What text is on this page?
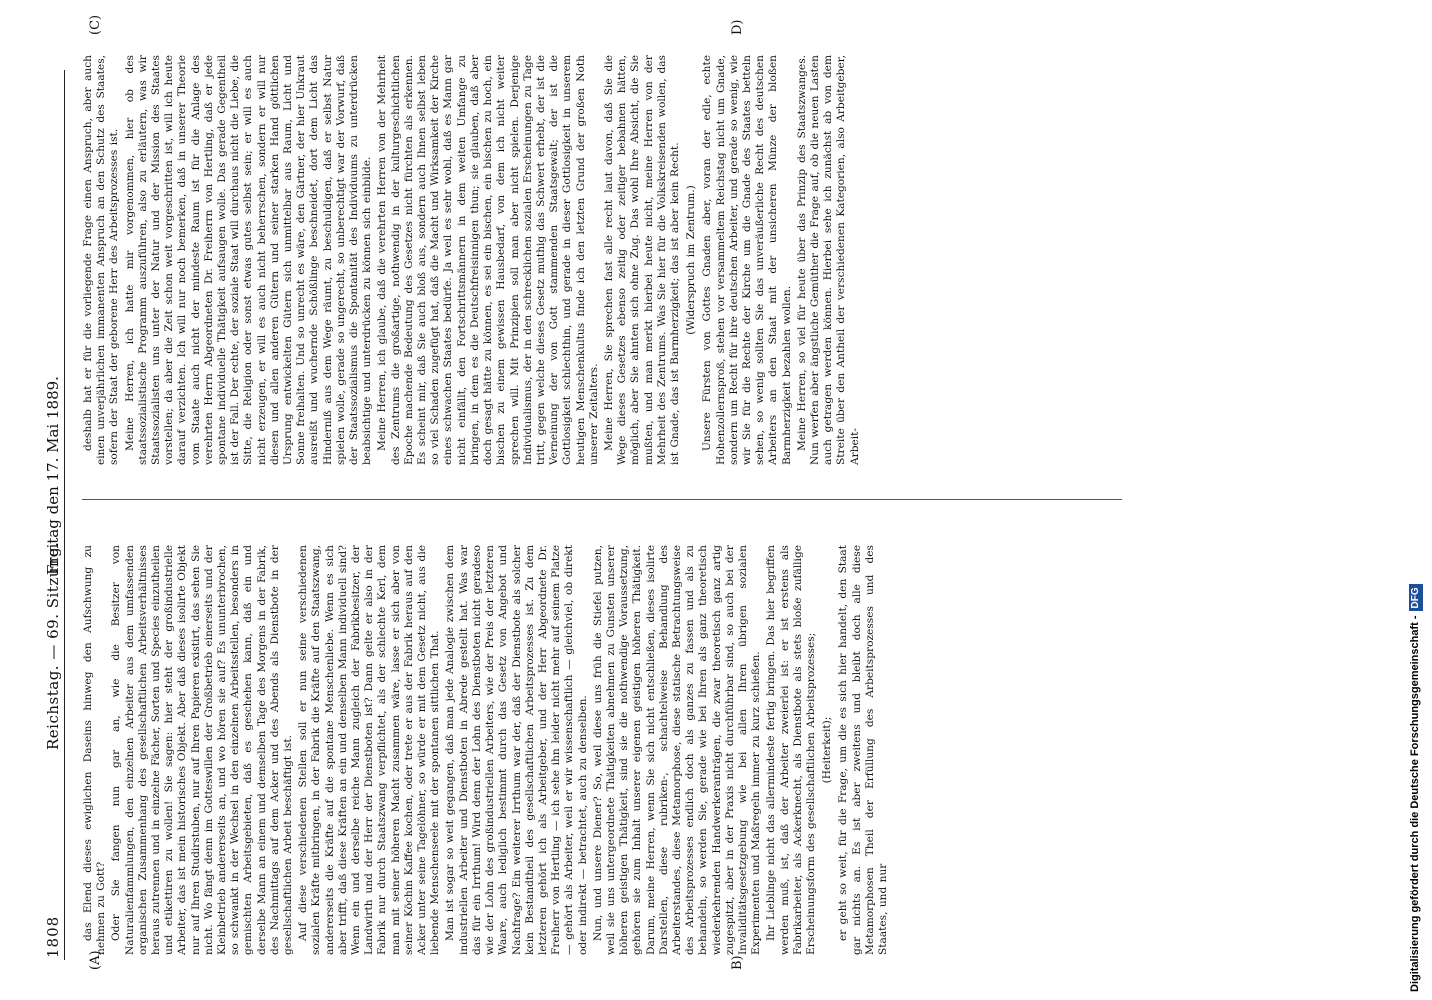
1808
Reichstag. — 69. Sitzung.
Freitag den 17. Mai 1889.
(A)	B)
(C)	D)

das Elend dieses ewiglichen Daseins hinweg den Aufschwung zu nehmen zu Gott? Oder Sie fangen nun gar an, wie die Besitzer von Naturalienfammlungen, den einzelnen Arbeiter aus dem umfassenden organischen Zusammenhang des gesellschaftlichen Arbeitsverhältnisses heraus zutrennen und in einzelne Fächer, Sorten und Species einzutheilen und etikettiren zu wollen! Sie sagen: hier steht der großindustrielle Arbeiter, das ist mein historisches Objekt. Aber daß dieses isolirte Objekt nur auf Ihren Studirstuben, nur auf Ihren Papieren existirt, das sehen Sie nicht. Wo fängt denn im Gotteswillen der Großbetrieb einerseits und der Kleinbetrieb andererseits an, und wo hören sie auf? Es ununterbrochen, so schwankt in der Wechsel in den einzelnen Arbeitsstellen, besonders in gemischten Arbeitsgebieten, daß es geschehen kann, daß ein und derselbe Mann an einem und demselben Tage des Morgens in der Fabrik, des Nachmittags auf dem Acker und des Abends als Dienstbote in der gesellschaftlichen Arbeit beschäftigt ist. Auf diese verschiedenen Stellen soll er nun seine verschiedenen sozialen Kräfte mitbringen, in der Fabrik die Kräfte auf den Staatszwang, andererseits die Kräfte auf die spontane Menschenliebe. Wenn es sich aber trifft, daß diese Kräften an ein und denselben Mann individuell sind? Wenn ein und derselbe reiche Mann zugleich der Fabrikbesitzer, der Landwirth und der Herr der Dienstboten ist? Dann gelte er also in der Fabrik nur durch Staatszwang verpflichtet, als der schlechte Kerl, dem man mit seiner höheren Macht zusammen wäre, lasse er sich aber von seiner Köchin Kaffee kochen, oder trete er aus der Fabrik heraus auf den Acker unter seine Tagelöhner, so würde er mit dem Gesetz nicht, aus die liebende Menschenseele mit der spontanen sittlichen That. Man ist sogar so weit gegangen, daß man jede Analogie zwischen dem industriellen Arbeiter und Dienstboten in Abrede gestellt hat. Was war das für ein Irrthum! Wird denn der Lohn des Dienstboten nicht geradeso wie der Lohn des großindustriellen Arbeiters, wie der Preis der letzteren Waare, auch lediglich bestimmt durch das Gesetz von Angebot und Nachfrage? Ein weiterer Irrthum war der, daß der Dienstbote als solcher kein Bestandtheil des gesellschaftlichen Arbeitsprozesses ist. Zu dem letzteren gehört ich als Arbeitgeber, und der Herr Abgeordnete Dr. Freiherr von Hertling — ich sehe ihn leider nicht mehr auf seinem Platze — gehört als Arbeiter, weil er wir wissenschaftlich — gleichviel, ob direkt oder indirekt — betrachtet, auch zu denselben. Nun, und unsere Diener? So, weil diese uns früh die Stiefel putzen, weil sie uns untergeordnete Thätigkeiten abnehmen zu Gunsten unserer höheren geistigen Thätigkeit, sind sie die nothwendige Voraussetzung, gehören sie zum Inhalt unserer eigenen geistigen höheren Thätigkeit. Darum, meine Herren, wenn Sie sich nicht entschließen, dieses isolirte Darstellen, diese rubriken-, schachtelweise Behandlung des Arbeiterstandes, diese Metamorphose, diese statische Betrachtungsweise des Arbeitsprozesses endlich doch als ganzes zu fassen und als zu behandeln, so werden Sie, gerade wie bei Ihren als ganz theoretisch wiederkehrenden Handwerkeranträgen, die zwar theoretisch ganz artig zugespitzt, aber in der Praxis nicht durchführbar sind, so auch bei der Invaliditätsgesetzgebung wie bei allen Ihren übrigen sozialen Experimenten und Maßregeln immer zu kurz schießen. Ihr Lieblinge nicht das allermindeste fertig bringen. Das hier begriffen werden muß, ist, daß der Arbeiter zweierlei ist: er ist erstens als Fabrikarbeiter, als Ackerknecht, als Dienstbote als stets bloße zufällige Erscheinungsform des gesellschaftlichen Arbeitsprozesses; (Heiterkeit); er geht so weit, für die Frage, um die es sich hier handelt, den Staat gar nichts an. Es ist aber zweitens und bleibt doch alle diese Metamorphosen Theil der Erfüllung des Arbeitsprozesses und des Staates, und nur

deshalb hat er für die vorliegende Frage einen Anspruch, aber auch einen unverjährlichen immanenten Anspruch an den Schutz des Staates, sofern der Staat der geborene Herr des Arbeitsprozesses ist. Meine Herren, ich hatte mir vorgenommen, hier ob des staatssozialistische Programm auszuführen, also zu erläutern, was wir Staatssozialisten uns unter der Natur und der Mission des Staates vorstellen; da aber die Zeit schon weit vorgeschritten ist, will ich heute darauf verzichten. Ich will nur noch bemerken, daß in unserer Theorie vom Staate auch nicht der mindeste Raum ist für die Anlage des verehrten Herrn Abgeordneten Dr. Freiherrn von Hertling, daß er jede spontane individuelle Thätigkeit aufsaugen wolle. Das gerade Gegentheil ist der Fall. Der echte, der soziale Staat will durchaus nicht die Liebe, die Sitte, die Religion oder sonst etwas gutes selbst sein; er will es auch nicht erzeugen, er will es auch nicht beherrschen, sondern er will nur diesen und allen anderen Gütern und seiner starken Hand göttlichen Ursprung entwickelten Gütern sich unmittelbar aus Raum, Licht und Sonne freihalten. Und so unrecht es wäre, den Gärtner, der hier Unkraut ausreißt und wuchernde Schößlinge beschneidet, dort dem Licht das Hinderniß aus dem Wege räumt, zu beschuldigen, daß er selbst Natur spielen wolle, gerade so ungerecht, so unberechtigt war der Vorwurf, daß der Staatssozialismus die Spontanität des Individuums zu unterdrücken beabsichtige und unterdrücken zu können sich einbilde. Meine Herren, ich glaube, daß die verehrten Herren von der Mehrheit des Zentrums die großartige, nothwendig in der kulturgeschichtlichen Epoche machende Bedeutung des Gesetzes nicht fürchten als erkennen. Es scheint mir, daß Sie auch bloß aus, sondern auch Ihnen selbst leben so viel Schaden zugefügt hat, daß die Macht und Wirksamkeit der Kirche eines schwachen Staates bedürfe. Ja weil es sehr wohl, daß es Mann gar nicht einfällt, den Fortschrittsmännern in dem weiten Umfange zu bringen, in dem es die Deutschfreisinnigen thun; sie glauben, daß aber doch gesagt hätte zu können, es sei ein bischen, ein bischen zu hoch, ein bischen zu einem gewissen Hausbedarf, von dem ich nicht weiter sprechen will. Mit Prinzipien soll man aber nicht spielen. Derjenige Individualismus, der in den schrecklichen sozialen Erscheinungen zu Tage tritt, gegen welche dieses Gesetz muthig das Schwert erhebt, der ist die Verneinung der von Gott stammenden Staatsgewalt; der ist die Gottlosigkeit schlechthin, und gerade in dieser Gottlosigkeit in unserem heutigen Menschenkultus finde ich den letzten Grund der großen Noth unserer Zeitalters. Meine Herren, Sie sprechen fast alle recht laut davon, daß Sie die Wege dieses Gesetzes ebenso zeitig oder zeitiger bebahnen hätten, möglich, aber Sie ahnten sich ohne Zug. Das wohl Ihre Absicht, die Sie mußten, und man merkt hierbei heute nicht, meine Herren von der Mehrheit des Zentrums. Was Sie hier für die Volkskreisenden wollen, das ist Gnade, das ist Barmherzigkeit; das ist aber kein Recht. (Widerspruch im Zentrum.) Unsere Fürsten von Gottes Gnaden aber, voran der edle, echte Hohenzollernsproß, stehen vor versammeltem Reichstag nicht um Gnade, sondern um Recht für ihre deutschen Arbeiter, und gerade so wenig, wie wir Sie für die Rechte der Kirche um die Gnade des Staates betteln sehen, so wenig sollten Sie das unveräußerliche Recht des deutschen Arbeiters an den Staat mit der unsicheren Münze der bloßen Barmherzigkeit bezahlen wollen. Meine Herren, so viel für heute über das Prinzip des Staatszwanges. Nun werfen aber ängstliche Gemüther die Frage auf, ob die neuen Lasten auch getragen werden können. Hierbei sehe ich zunächst ab von dem Streite über den Antheil der verschiedenen Kategorien, also Arbeitgeber, Arbeit-

Digitalisierung gefördert durch die Deutsche Forschungsgemeinschaft -DFG
